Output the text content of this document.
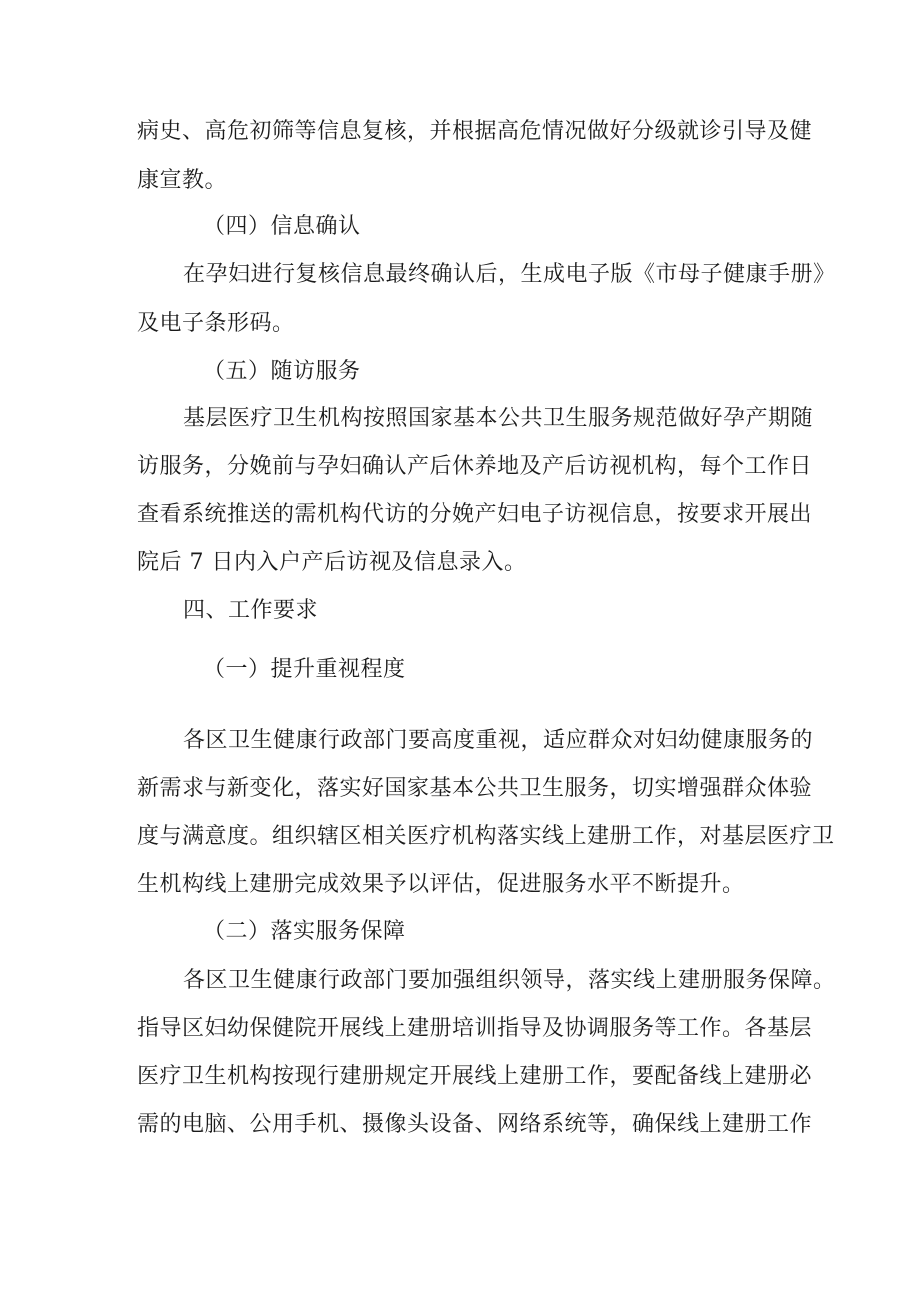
病史、高危初筛等信息复核，并根据高危情况做好分级就诊引导及健
康宣教。
（四）信息确认
在孕妇进行复核信息最终确认后，生成电子版《市母子健康手册》
及电子条形码。
（五）随访服务
基层医疗卫生机构按照国家基本公共卫生服务规范做好孕产期随
访服务，分娩前与孕妇确认产后休养地及产后访视机构，每个工作日
查看系统推送的需机构代访的分娩产妇电子访视信息，按要求开展出
院后 7 日内入户产后访视及信息录入。
四、工作要求
（一）提升重视程度
各区卫生健康行政部门要高度重视，适应群众对妇幼健康服务的
新需求与新变化，落实好国家基本公共卫生服务，切实增强群众体验
度与满意度。组织辖区相关医疗机构落实线上建册工作，对基层医疗卫
生机构线上建册完成效果予以评估，促进服务水平不断提升。
（二）落实服务保障
各区卫生健康行政部门要加强组织领导，落实线上建册服务保障。
指导区妇幼保健院开展线上建册培训指导及协调服务等工作。各基层
医疗卫生机构按现行建册规定开展线上建册工作，要配备线上建册必
需的电脑、公用手机、摄像头设备、网络系统等，确保线上建册工作
